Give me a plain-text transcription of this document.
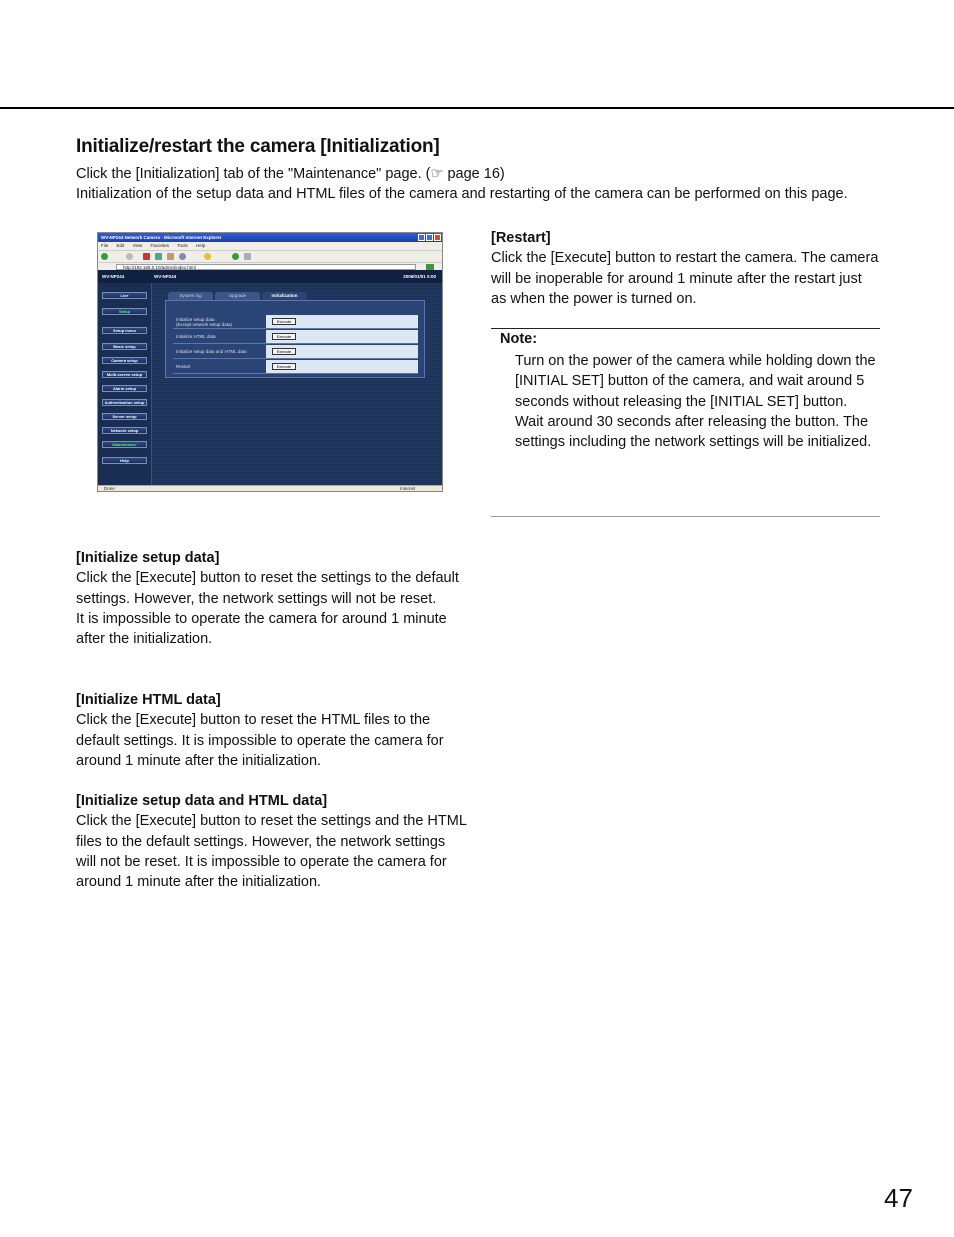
Initialize/restart the camera [Initialization]
Click the [Initialization] tab of the "Maintenance" page. (☞ page 16)
Initialization of the setup data and HTML files of the camera and restarting of the camera can be performed on this page.
WV-NP244 Network Camera - Microsoft Internet Explorer
File Edit View Favorites Tools Help
http://192.168.0.10/admin/index.html
WV-NP244	WV-NP244	2006/01/01 0:00
Live
Setup
Setup menu
Basic setup
Camera setup
Multi-screen setup
Alarm setup
Authentication setup
Server setup
Network setup
Maintenance
Help
System log	Upgrade	Initialization
Initialize setup data
(Except network setup data)
Execute
Initialize HTML data	Execute
Initialize setup data and HTML data	Execute
Restart	Execute
Done	Internet
[Restart]
Click the [Execute] button to restart the camera. The camera will be inoperable for around 1 minute after the restart just as when the power is turned on.
Note:
Turn on the power of the camera while holding down the [INITIAL SET] button of the camera, and wait around 5 seconds without releasing the [INITIAL SET] button.
Wait around 30 seconds after releasing the button. The settings including the network settings will be initialized.
[Initialize setup data]
Click the [Execute] button to reset the settings to the default settings. However, the network settings will not be reset.
It is impossible to operate the camera for around 1 minute after the initialization.
[Initialize HTML data]
Click the [Execute] button to reset the HTML files to the default settings. It is impossible to operate the camera for around 1 minute after the initialization.
[Initialize setup data and HTML data]
Click the [Execute] button to reset the settings and the HTML files to the default settings. However, the network settings will not be reset. It is impossible to operate the camera for around 1 minute after the initialization.
47
